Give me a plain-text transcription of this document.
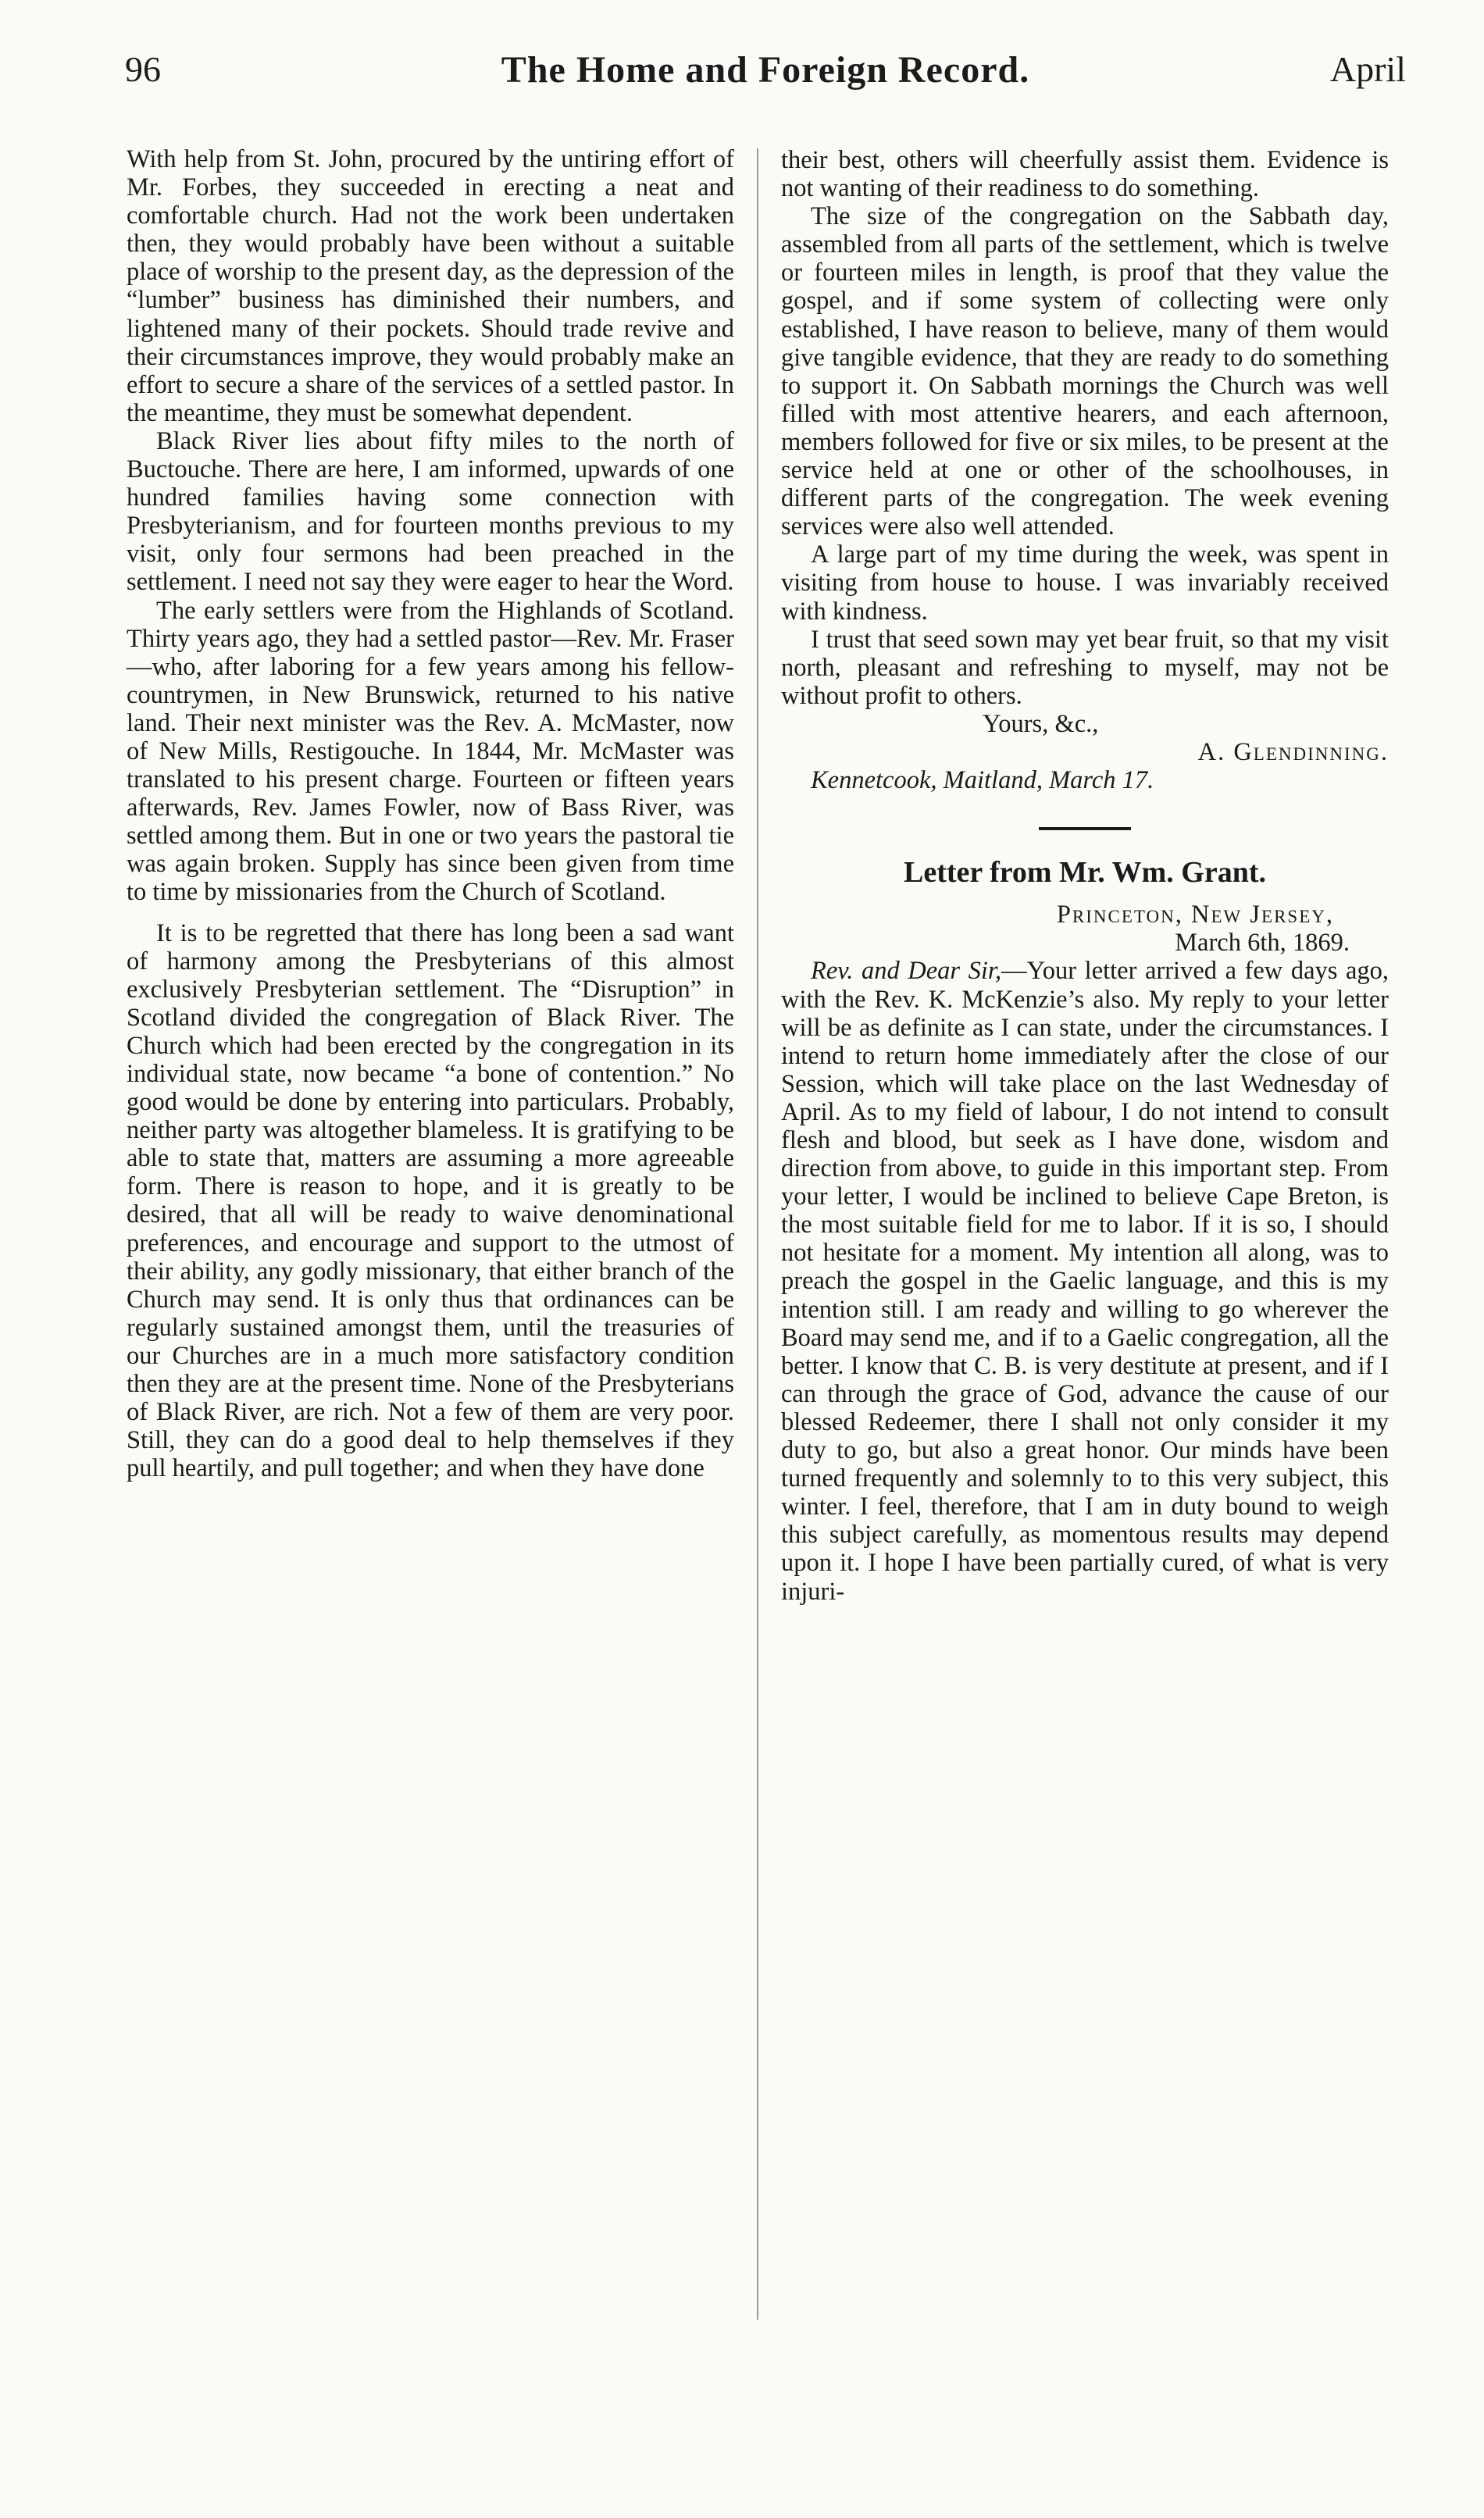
96	The Home and Foreign Record.	April

With help from St. John, procured by the untiring effort of Mr. Forbes, they succeeded in erecting a neat and comfortable church. Had not the work been undertaken then, they would probably have been without a suitable place of worship to the present day, as the depression of the “lumber” business has diminished their numbers, and lightened many of their pockets. Should trade revive and their circumstances improve, they would probably make an effort to secure a share of the services of a settled pastor. In the meantime, they must be somewhat dependent.

Black River lies about fifty miles to the north of Buctouche. There are here, I am informed, upwards of one hundred families having some connection with Presbyterianism, and for fourteen months previous to my visit, only four sermons had been preached in the settlement. I need not say they were eager to hear the Word.

The early settlers were from the Highlands of Scotland. Thirty years ago, they had a settled pastor—Rev. Mr. Fraser—who, after laboring for a few years among his fellow-countrymen, in New Brunswick, returned to his native land. Their next minister was the Rev. A. McMaster, now of New Mills, Restigouche. In 1844, Mr. McMaster was translated to his present charge. Fourteen or fifteen years afterwards, Rev. James Fowler, now of Bass River, was settled among them. But in one or two years the pastoral tie was again broken. Supply has since been given from time to time by missionaries from the Church of Scotland.

It is to be regretted that there has long been a sad want of harmony among the Presbyterians of this almost exclusively Presbyterian settlement. The “Disruption” in Scotland divided the congregation of Black River. The Church which had been erected by the congregation in its individual state, now became “a bone of contention.” No good would be done by entering into particulars. Probably, neither party was altogether blameless. It is gratifying to be able to state that, matters are assuming a more agreeable form. There is reason to hope, and it is greatly to be desired, that all will be ready to waive denominational preferences, and encourage and support to the utmost of their ability, any godly missionary, that either branch of the Church may send. It is only thus that ordinances can be regularly sustained amongst them, until the treasuries of our Churches are in a much more satisfactory condition then they are at the present time. None of the Presbyterians of Black River, are rich. Not a few of them are very poor. Still, they can do a good deal to help themselves if they pull heartily, and pull together; and when they have done

their best, others will cheerfully assist them. Evidence is not wanting of their readiness to do something.

The size of the congregation on the Sabbath day, assembled from all parts of the settlement, which is twelve or fourteen miles in length, is proof that they value the gospel, and if some system of collecting were only established, I have reason to believe, many of them would give tangible evidence, that they are ready to do something to support it. On Sabbath mornings the Church was well filled with most attentive hearers, and each afternoon, members followed for five or six miles, to be present at the service held at one or other of the schoolhouses, in different parts of the congregation. The week evening services were also well attended.

A large part of my time during the week, was spent in visiting from house to house. I was invariably received with kindness.

I trust that seed sown may yet bear fruit, so that my visit north, pleasant and refreshing to myself, may not be without profit to others.

Yours, &c.,

A. Glendinning.

Kennetcook, Maitland, March 17.

Letter from Mr. Wm. Grant.

Princeton, New Jersey,

March 6th, 1869.

Rev. and Dear Sir,—Your letter arrived a few days ago, with the Rev. K. McKenzie’s also. My reply to your letter will be as definite as I can state, under the circumstances. I intend to return home immediately after the close of our Session, which will take place on the last Wednesday of April. As to my field of labour, I do not intend to consult flesh and blood, but seek as I have done, wisdom and direction from above, to guide in this important step. From your letter, I would be inclined to believe Cape Breton, is the most suitable field for me to labor. If it is so, I should not hesitate for a moment. My intention all along, was to preach the gospel in the Gaelic language, and this is my intention still. I am ready and willing to go wherever the Board may send me, and if to a Gaelic congregation, all the better. I know that C. B. is very destitute at present, and if I can through the grace of God, advance the cause of our blessed Redeemer, there I shall not only consider it my duty to go, but also a great honor. Our minds have been turned frequently and solemnly to to this very subject, this winter. I feel, therefore, that I am in duty bound to weigh this subject carefully, as momentous results may depend upon it. I hope I have been partially cured, of what is very injuri-
